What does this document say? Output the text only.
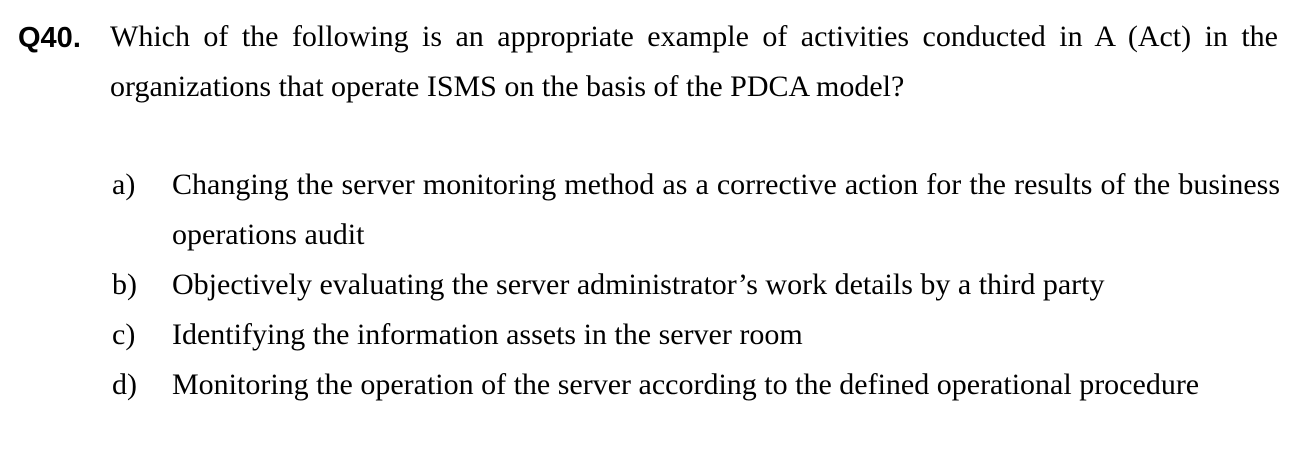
Q40. Which of the following is an appropriate example of activities conducted in A (Act) in the organizations that operate ISMS on the basis of the PDCA model?

a) Changing the server monitoring method as a corrective action for the results of the business operations audit
b) Objectively evaluating the server administrator’s work details by a third party
c) Identifying the information assets in the server room
d) Monitoring the operation of the server according to the defined operational procedure
